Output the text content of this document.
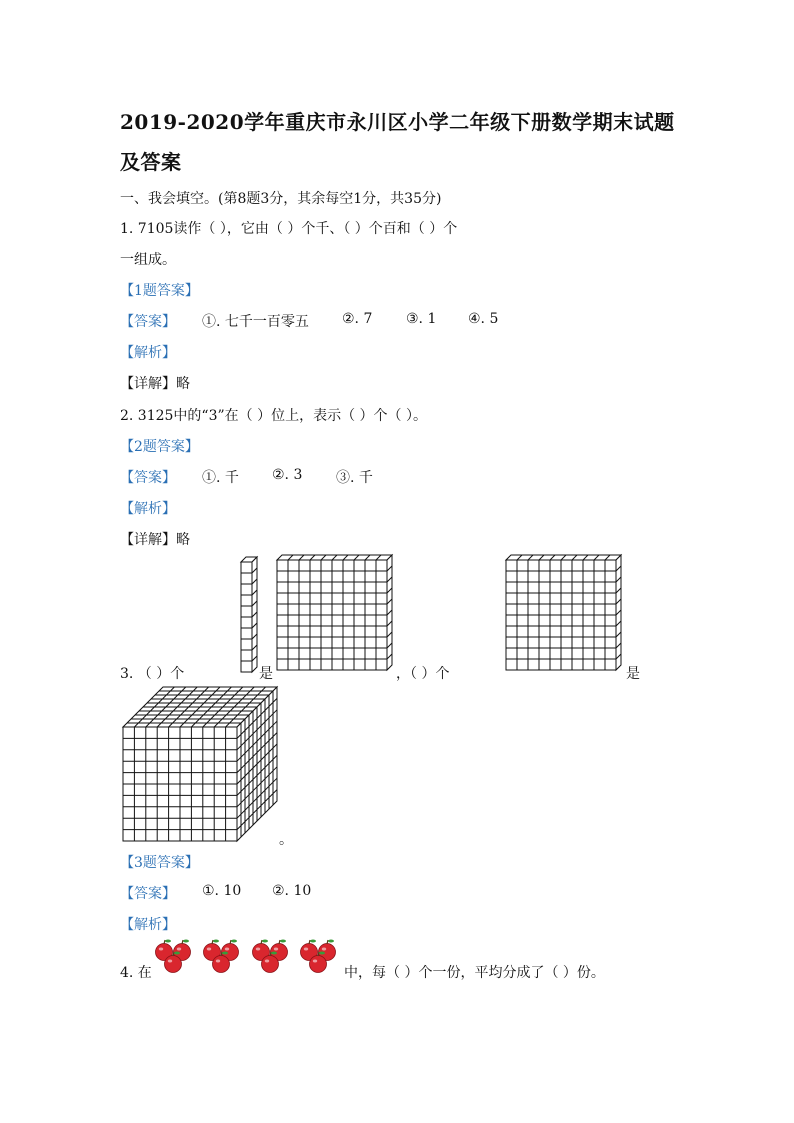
2019-2020学年重庆市永川区小学二年级下册数学期末试题
及答案
一、我会填空。(第8题3分，其余每空1分，共35分)
1. 7105读作（ ），它由（ ）个千、（ ）个百和（ ）个
一组成。
【1题答案】
【答案】 ①. 七千一百零五 ②. 7 ③. 1 ④. 5
【解析】
【详解】略
2. 3125中的“3”在（ ）位上，表示（ ）个（ ）。
【2题答案】
【答案】 ①. 千 ②. 3 ③. 千
【解析】
【详解】略
3. （ ）个	是	，（ ）个	是
。
【3题答案】
【答案】 ①. 10 ②. 10
【解析】
4. 在	中，每（ ）个一份，平均分成了（ ）份。
